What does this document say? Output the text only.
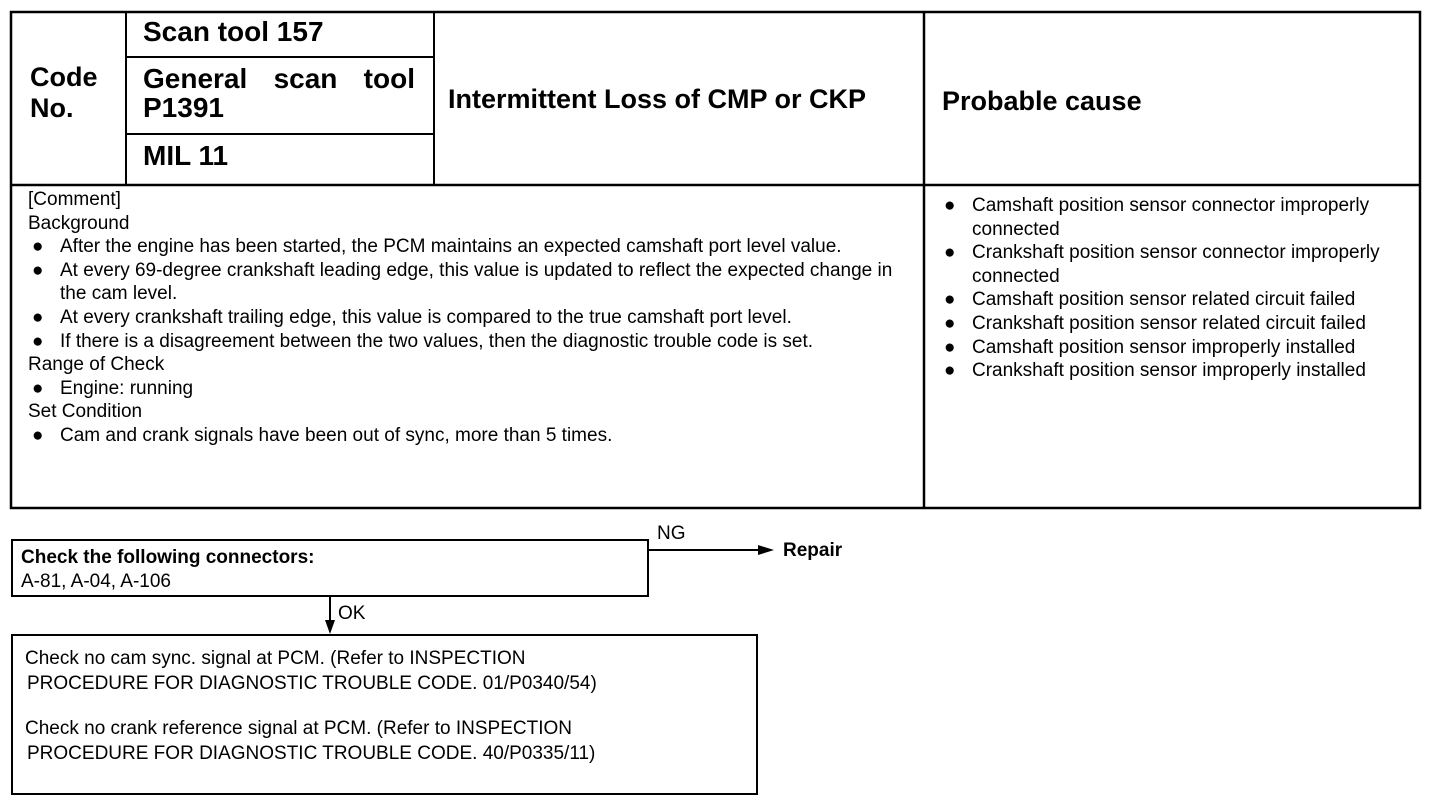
Code No.
Scan tool 157
General scan tool P1391
MIL 11
Intermittent Loss of CMP or CKP	Probable cause
[Comment]
Background
● After the engine has been started, the PCM maintains an expected camshaft port level value.
● At every 69-degree crankshaft leading edge, this value is updated to reflect the expected change in the cam level.
● At every crankshaft trailing edge, this value is compared to the true camshaft port level.
● If there is a disagreement between the two values, then the diagnostic trouble code is set.
Range of Check
● Engine: running
Set Condition
● Cam and crank signals have been out of sync, more than 5 times.
● Camshaft position sensor connector improperly connected
● Crankshaft position sensor connector improperly connected
● Camshaft position sensor related circuit failed
● Crankshaft position sensor related circuit failed
● Camshaft position sensor improperly installed
● Crankshaft position sensor improperly installed
Check the following connectors:
A-81, A-04, A-106
NG
Repair
OK
Check no cam sync. signal at PCM. (Refer to INSPECTION
PROCEDURE FOR DIAGNOSTIC TROUBLE CODE. 01/P0340/54)
Check no crank reference signal at PCM. (Refer to INSPECTION
PROCEDURE FOR DIAGNOSTIC TROUBLE CODE. 40/P0335/11)
